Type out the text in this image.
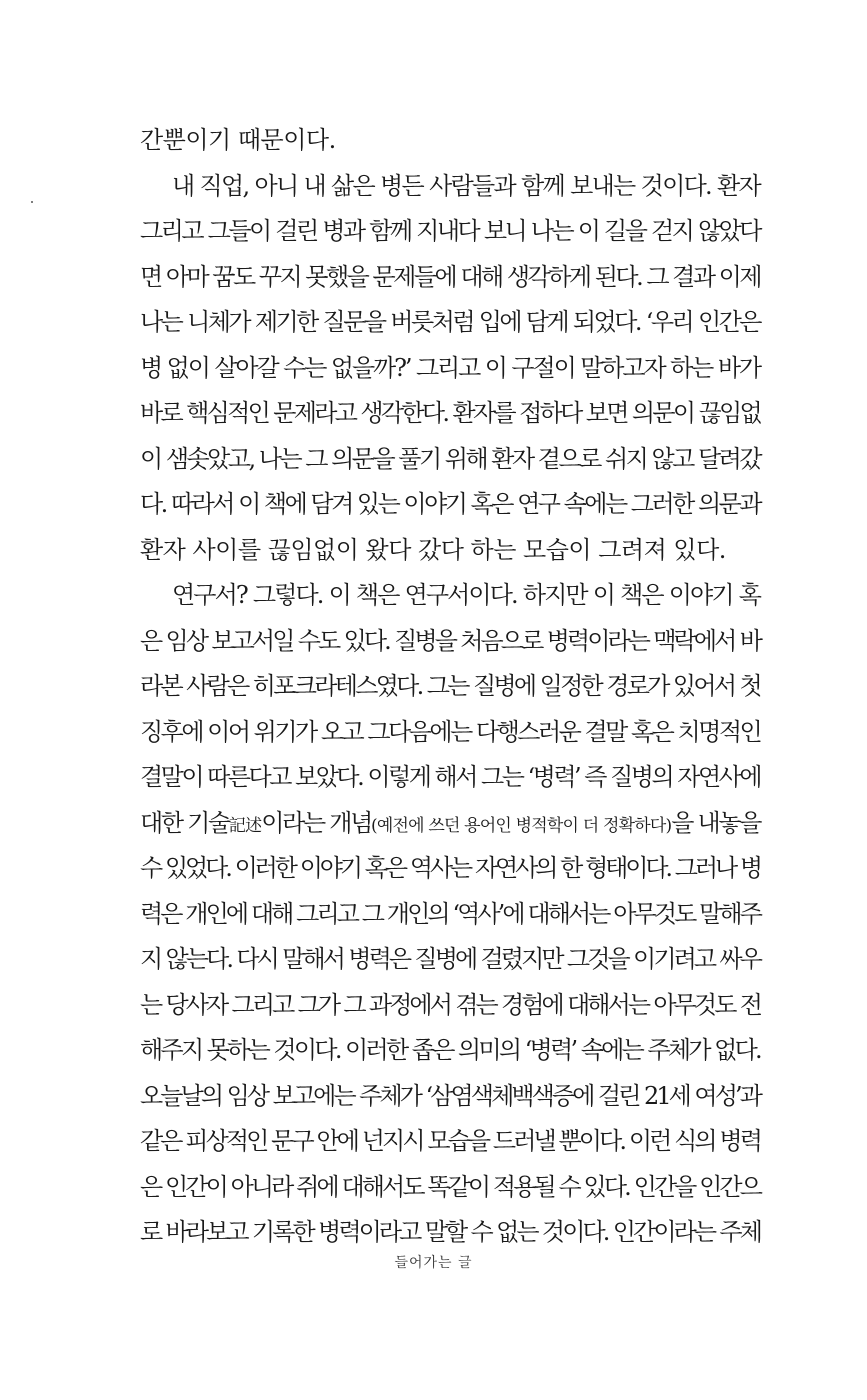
간뿐이기 때문이다.
내 직업, 아니 내 삶은 병든 사람들과 함께 보내는 것이다. 환자
그리고 그들이 걸린 병과 함께 지내다 보니 나는 이 길을 걷지 않았다
면 아마 꿈도 꾸지 못했을 문제들에 대해 생각하게 된다. 그 결과 이제
나는 니체가 제기한 질문을 버릇처럼 입에 담게 되었다. ‘우리 인간은
병 없이 살아갈 수는 없을까?’ 그리고 이 구절이 말하고자 하는 바가
바로 핵심적인 문제라고 생각한다. 환자를 접하다 보면 의문이 끊임없
이 샘솟았고, 나는 그 의문을 풀기 위해 환자 곁으로 쉬지 않고 달려갔
다. 따라서 이 책에 담겨 있는 이야기 혹은 연구 속에는 그러한 의문과
환자 사이를 끊임없이 왔다 갔다 하는 모습이 그려져 있다.
연구서? 그렇다. 이 책은 연구서이다. 하지만 이 책은 이야기 혹
은 임상 보고서일 수도 있다. 질병을 처음으로 병력이라는 맥락에서 바
라본 사람은 히포크라테스였다. 그는 질병에 일정한 경로가 있어서 첫
징후에 이어 위기가 오고 그다음에는 다행스러운 결말 혹은 치명적인
결말이 따른다고 보았다. 이렇게 해서 그는 ‘병력’ 즉 질병의 자연사에
대한 기술記述이라는 개념(예전에 쓰던 용어인 병적학이 더 정확하다)을 내놓을
수 있었다. 이러한 이야기 혹은 역사는 자연사의 한 형태이다. 그러나 병
력은 개인에 대해 그리고 그 개인의 ‘역사’에 대해서는 아무것도 말해주
지 않는다. 다시 말해서 병력은 질병에 걸렸지만 그것을 이기려고 싸우
는 당사자 그리고 그가 그 과정에서 겪는 경험에 대해서는 아무것도 전
해주지 못하는 것이다. 이러한 좁은 의미의 ‘병력’ 속에는 주체가 없다.
오늘날의 임상 보고에는 주체가 ‘삼염색체백색증에 걸린 21세 여성’과
같은 피상적인 문구 안에 넌지시 모습을 드러낼 뿐이다. 이런 식의 병력
은 인간이 아니라 쥐에 대해서도 똑같이 적용될 수 있다. 인간을 인간으
로 바라보고 기록한 병력이라고 말할 수 없는 것이다. 인간이라는 주체
들어가는 글
